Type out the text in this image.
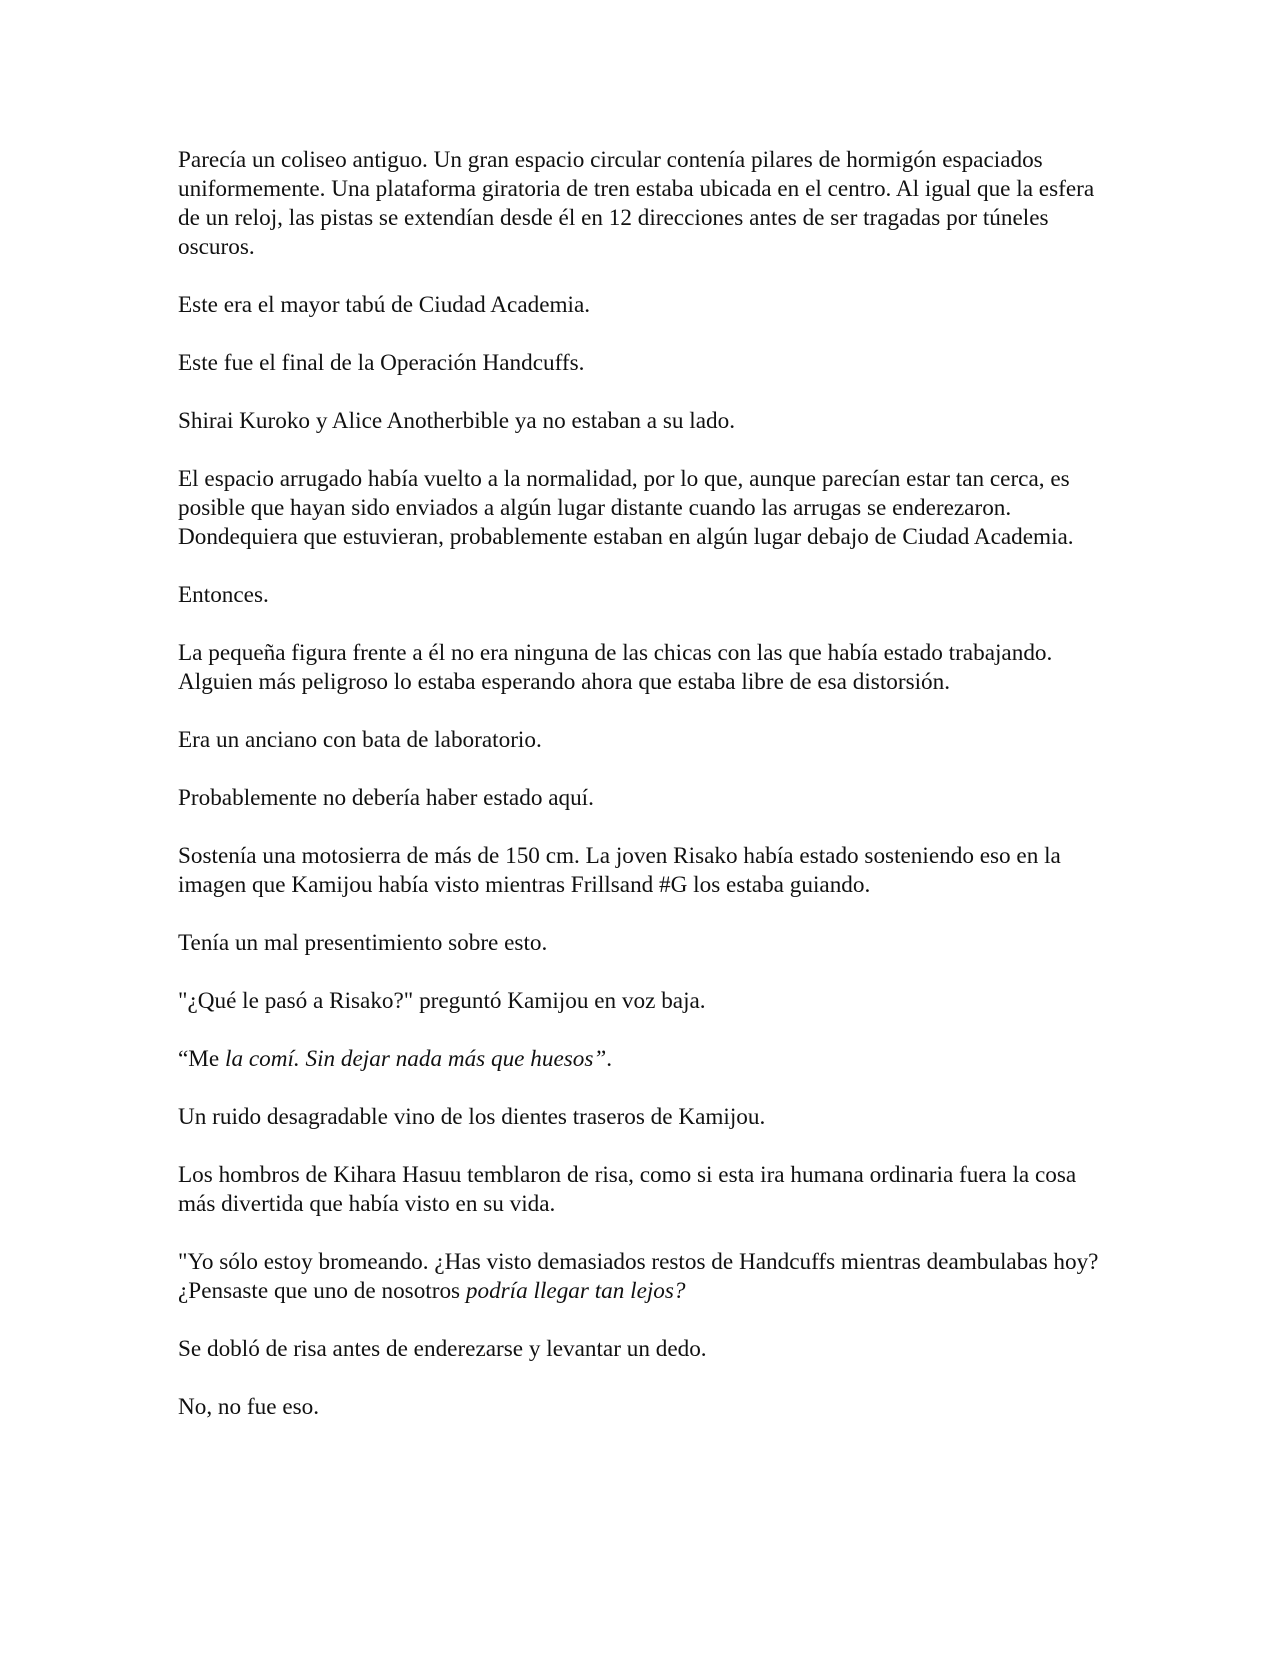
Parecía un coliseo antiguo. Un gran espacio circular contenía pilares de hormigón espaciados uniformemente. Una plataforma giratoria de tren estaba ubicada en el centro. Al igual que la esfera de un reloj, las pistas se extendían desde él en 12 direcciones antes de ser tragadas por túneles oscuros.

Este era el mayor tabú de Ciudad Academia.

Este fue el final de la Operación Handcuffs.

Shirai Kuroko y Alice Anotherbible ya no estaban a su lado.

El espacio arrugado había vuelto a la normalidad, por lo que, aunque parecían estar tan cerca, es posible que hayan sido enviados a algún lugar distante cuando las arrugas se enderezaron. Dondequiera que estuvieran, probablemente estaban en algún lugar debajo de Ciudad Academia.

Entonces.

La pequeña figura frente a él no era ninguna de las chicas con las que había estado trabajando. Alguien más peligroso lo estaba esperando ahora que estaba libre de esa distorsión.

Era un anciano con bata de laboratorio.

Probablemente no debería haber estado aquí.

Sostenía una motosierra de más de 150 cm. La joven Risako había estado sosteniendo eso en la imagen que Kamijou había visto mientras Frillsand #G los estaba guiando.

Tenía un mal presentimiento sobre esto.

"¿Qué le pasó a Risako?" preguntó Kamijou en voz baja.

“Me la comí. Sin dejar nada más que huesos”.

Un ruido desagradable vino de los dientes traseros de Kamijou.

Los hombros de Kihara Hasuu temblaron de risa, como si esta ira humana ordinaria fuera la cosa más divertida que había visto en su vida.

"Yo sólo estoy bromeando. ¿Has visto demasiados restos de Handcuffs mientras deambulabas hoy? ¿Pensaste que uno de nosotros podría llegar tan lejos?

Se dobló de risa antes de enderezarse y levantar un dedo.

No, no fue eso.
